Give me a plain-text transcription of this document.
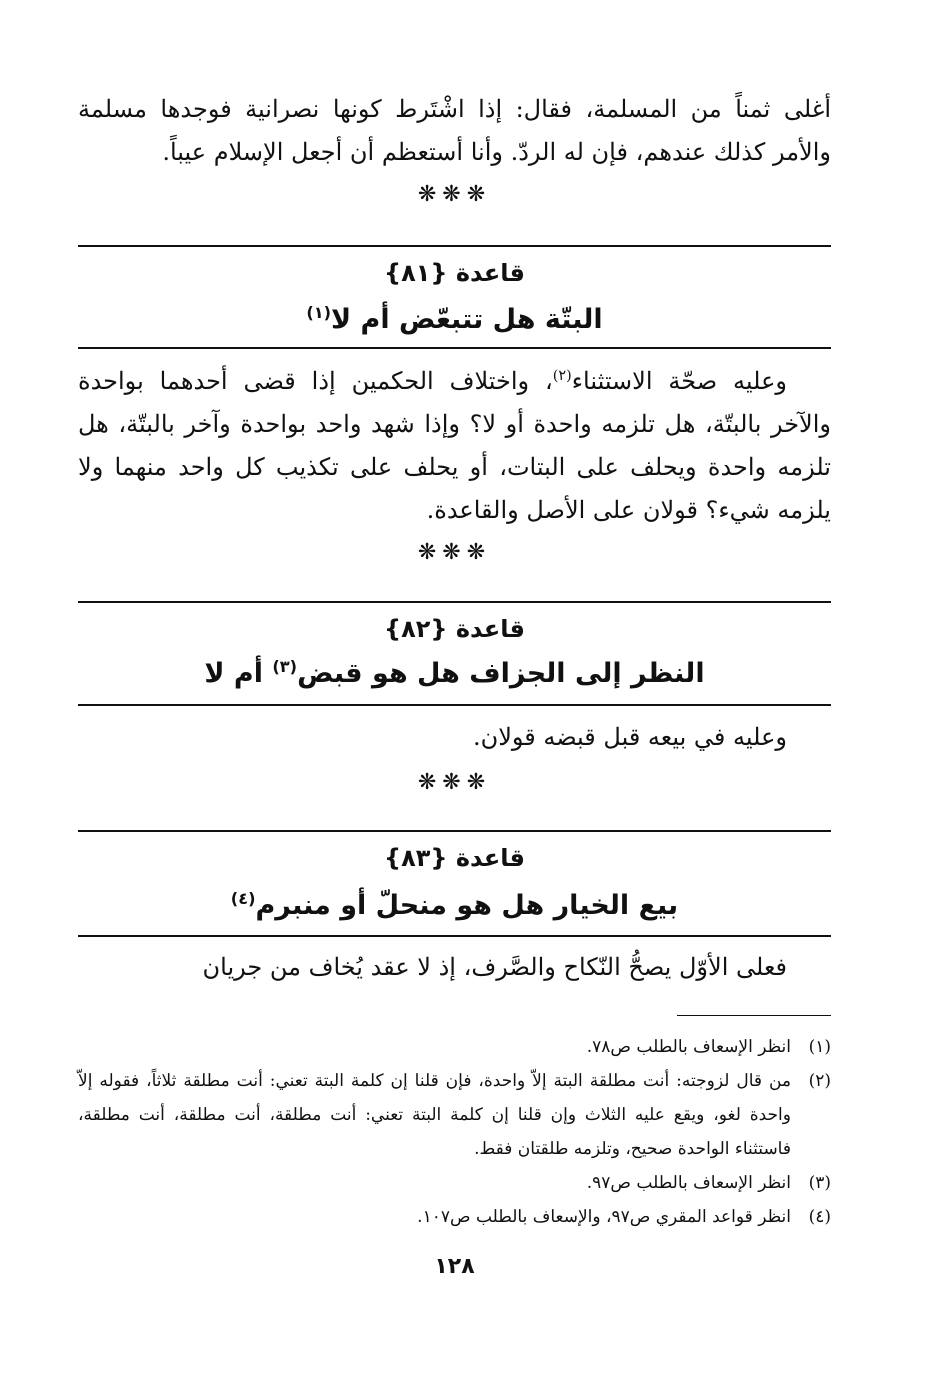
أغلى ثمناً من المسلمة، فقال: إذا اشْتَرط كونها نصرانية فوجدها مسلمة والأمر كذلك عندهم، فإن له الردّ. وأنا أستعظم أن أجعل الإسلام عيباً.

❋❋❋
قاعدة {٨١}
البتّة هل تتبعّض أم لا$^{(١)}$

وعليه صحّة الاستثناء$^{(٢)}$، واختلاف الحكمين إذا قضى أحدهما بواحدة والآخر بالبتّة، هل تلزمه واحدة أو لا؟ وإذا شهد واحد بواحدة وآخر بالبتّة، هل تلزمه واحدة ويحلف على البتات، أو يحلف على تكذيب كل واحد منهما ولا يلزمه شيء؟ قولان على الأصل والقاعدة.

❋❋❋
قاعدة {٨٢}
النظر إلى الجزاف هل هو قبض$^{(٣)}$ أم لا

وعليه في بيعه قبل قبضه قولان.

❋❋❋
قاعدة {٨٣}
بيع الخيار هل هو منحلّ أو منبرم$^{(٤)}$

فعلى الأوّل يصحُّ النّكاح والصَّرف، إذ لا عقد يُخاف من جريان

(١)
انظر الإسعاف بالطلب ص٧٨.
(٢)
من قال لزوجته: أنت مطلقة البتة إلاّ واحدة، فإن قلنا إن كلمة البتة تعني: أنت مطلقة ثلاثاً، فقوله إلاّ واحدة لغو، ويقع عليه الثلاث وإن قلنا إن كلمة البتة تعني: أنت مطلقة، أنت مطلقة، أنت مطلقة، فاستثناء الواحدة صحيح، وتلزمه طلقتان فقط.
(٣)
انظر الإسعاف بالطلب ص٩٧.
(٤)
انظر قواعد المقري ص٩٧، والإسعاف بالطلب ص١٠٧.
١٢٨
